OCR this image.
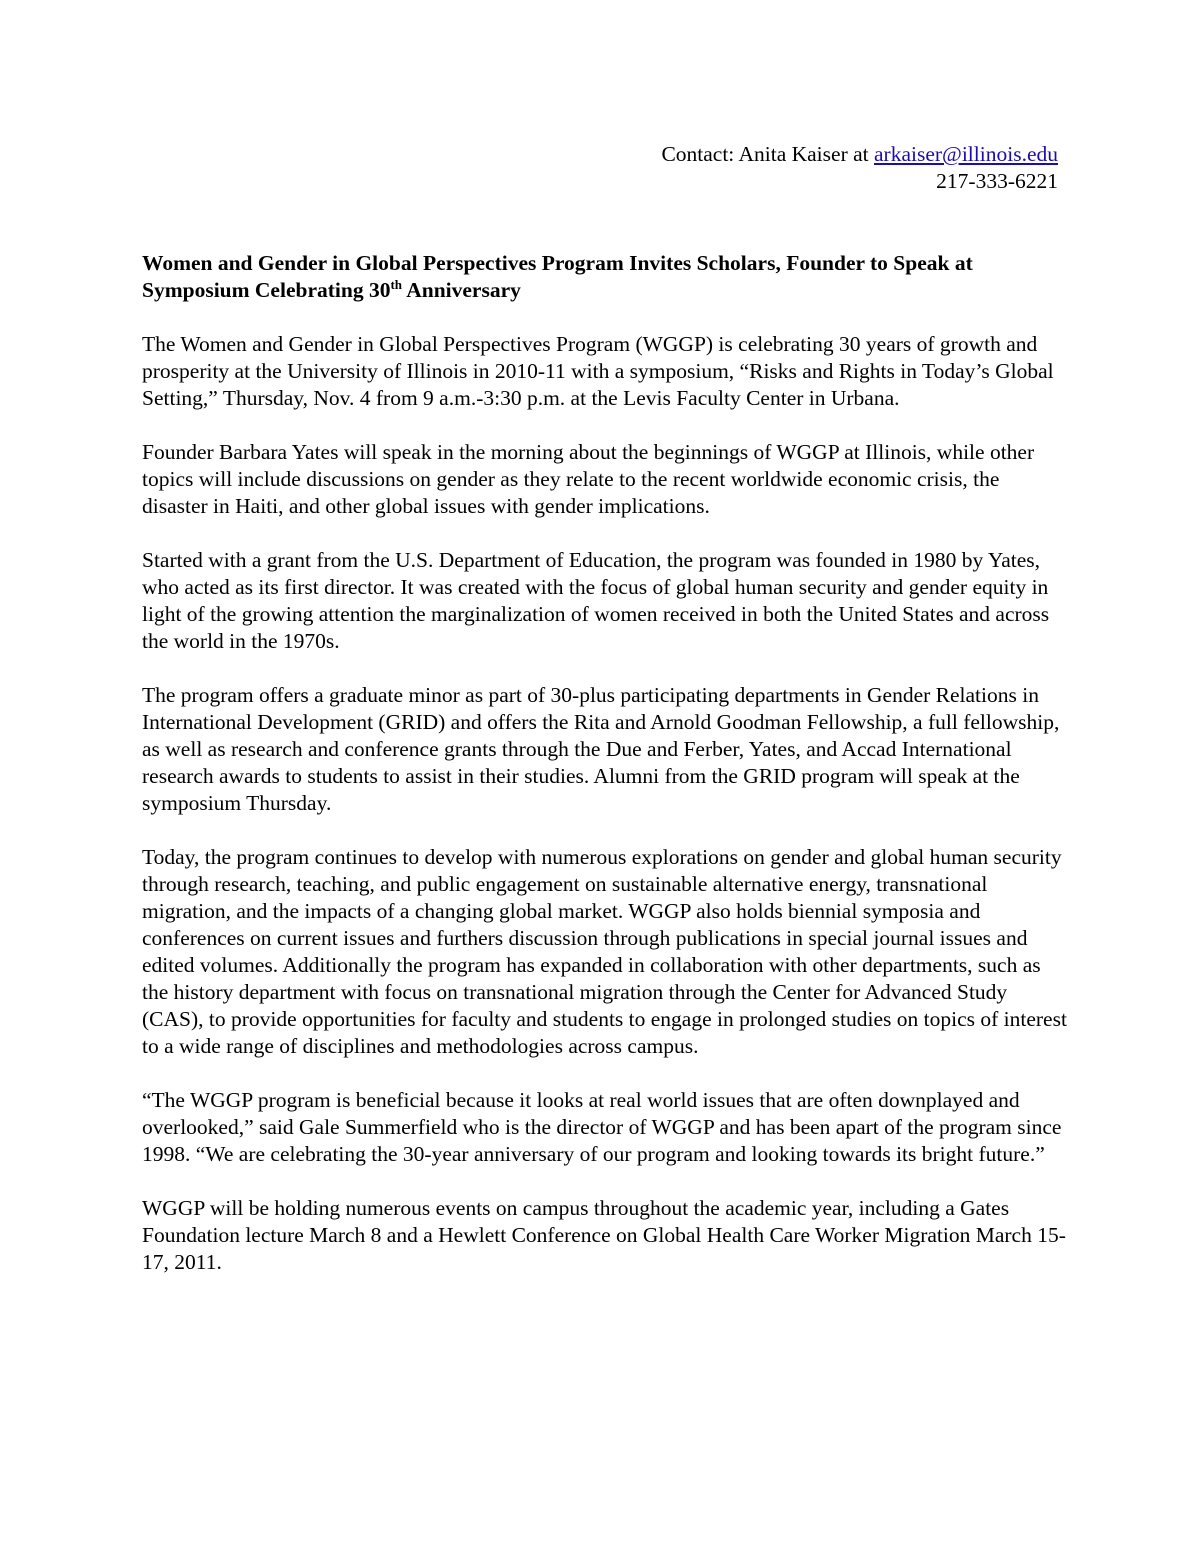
Contact: Anita Kaiser at arkaiser@illinois.edu
217-333-6221

Women and Gender in Global Perspectives Program Invites Scholars, Founder to Speak at Symposium Celebrating 30th Anniversary

The Women and Gender in Global Perspectives Program (WGGP) is celebrating 30 years of growth and prosperity at the University of Illinois in 2010-11 with a symposium, “Risks and Rights in Today’s Global Setting,” Thursday, Nov. 4 from 9 a.m.-3:30 p.m. at the Levis Faculty Center in Urbana.

Founder Barbara Yates will speak in the morning about the beginnings of WGGP at Illinois, while other topics will include discussions on gender as they relate to the recent worldwide economic crisis, the disaster in Haiti, and other global issues with gender implications.

Started with a grant from the U.S. Department of Education, the program was founded in 1980 by Yates, who acted as its first director. It was created with the focus of global human security and gender equity in light of the growing attention the marginalization of women received in both the United States and across the world in the 1970s.

The program offers a graduate minor as part of 30-plus participating departments in Gender Relations in International Development (GRID) and offers the Rita and Arnold Goodman Fellowship, a full fellowship, as well as research and conference grants through the Due and Ferber, Yates, and Accad International research awards to students to assist in their studies. Alumni from the GRID program will speak at the symposium Thursday.

Today, the program continues to develop with numerous explorations on gender and global human security through research, teaching, and public engagement on sustainable alternative energy, transnational migration, and the impacts of a changing global market. WGGP also holds biennial symposia and conferences on current issues and furthers discussion through publications in special journal issues and edited volumes. Additionally the program has expanded in collaboration with other departments, such as the history department with focus on transnational migration through the Center for Advanced Study (CAS), to provide opportunities for faculty and students to engage in prolonged studies on topics of interest to a wide range of disciplines and methodologies across campus.

“The WGGP program is beneficial because it looks at real world issues that are often downplayed and overlooked,” said Gale Summerfield who is the director of WGGP and has been apart of the program since 1998. “We are celebrating the 30-year anniversary of our program and looking towards its bright future.”

WGGP will be holding numerous events on campus throughout the academic year, including a Gates Foundation lecture March 8 and a Hewlett Conference on Global Health Care Worker Migration March 15-17, 2011.
